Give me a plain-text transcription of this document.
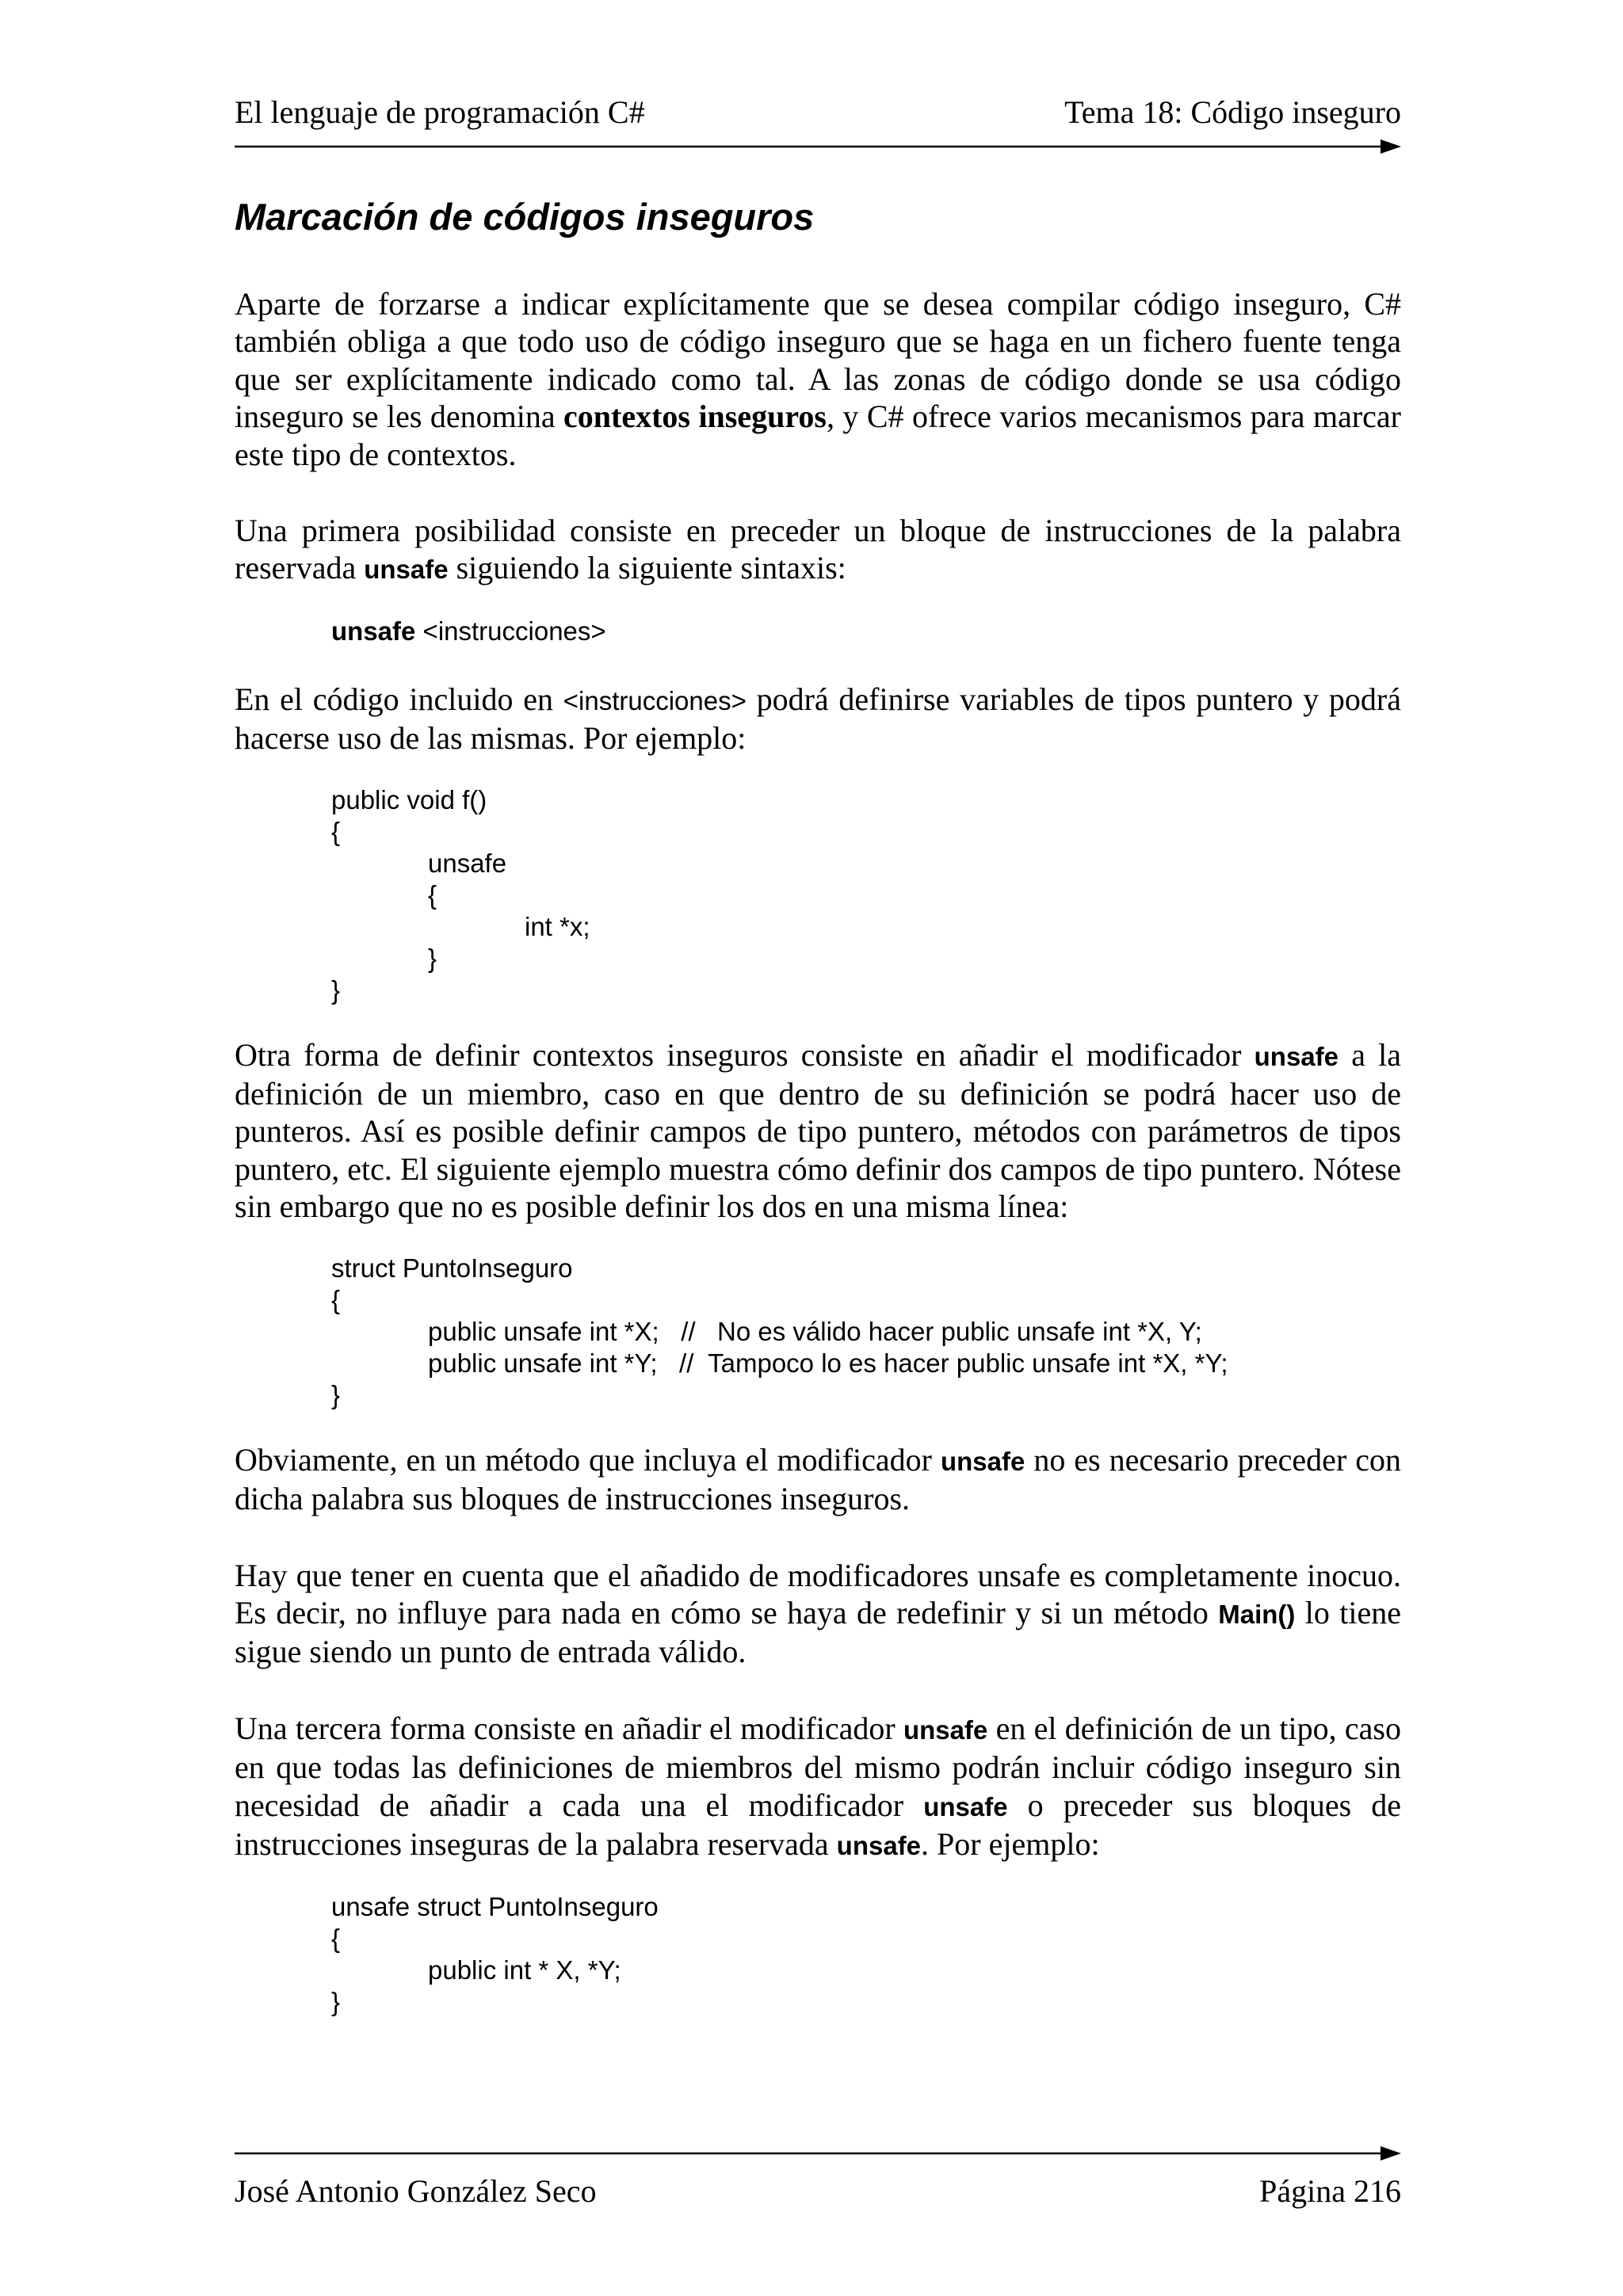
El lenguaje de programación C#	Tema 18: Código inseguro
Marcación de códigos inseguros

Aparte de forzarse a indicar explícitamente que se desea compilar código inseguro, C# también obliga a que todo uso de código inseguro que se haga en un fichero fuente tenga que ser explícitamente indicado como tal. A las zonas de código donde se usa código inseguro se les denomina contextos inseguros, y C# ofrece varios mecanismos para marcar este tipo de contextos.

Una primera posibilidad consiste en preceder un bloque de instrucciones de la palabra reservada unsafe siguiendo la siguiente sintaxis:

unsafe <instrucciones>

En el código incluido en <instrucciones> podrá definirse variables de tipos puntero y podrá hacerse uso de las mismas. Por ejemplo:

public void f()
{
unsafe
{
int *x;
}
}

Otra forma de definir contextos inseguros consiste en añadir el modificador unsafe a la definición de un miembro, caso en que dentro de su definición se podrá hacer uso de punteros. Así es posible definir campos de tipo puntero, métodos con parámetros de tipos puntero, etc. El siguiente ejemplo muestra cómo definir dos campos de tipo puntero. Nótese sin embargo que no es posible definir los dos en una misma línea:

struct PuntoInseguro
{
public unsafe int *X;   //   No es válido hacer public unsafe int *X, Y;
public unsafe int *Y;   //  Tampoco lo es hacer public unsafe int *X, *Y;
}

Obviamente, en un método que incluya el modificador unsafe no es necesario preceder con dicha palabra sus bloques de instrucciones inseguros.

Hay que tener en cuenta que el añadido de modificadores unsafe es completamente inocuo. Es decir, no influye para nada en cómo se haya de redefinir y si un método Main() lo tiene sigue siendo un punto de entrada válido.

Una tercera forma consiste en añadir el modificador unsafe en el definición de un tipo, caso en que todas las definiciones de miembros del mismo podrán incluir código inseguro sin necesidad de añadir a cada una el modificador unsafe o preceder sus bloques de instrucciones inseguras de la palabra reservada unsafe. Por ejemplo:

unsafe struct PuntoInseguro
{
public int * X, *Y;
}
José Antonio González Seco	Página 216
